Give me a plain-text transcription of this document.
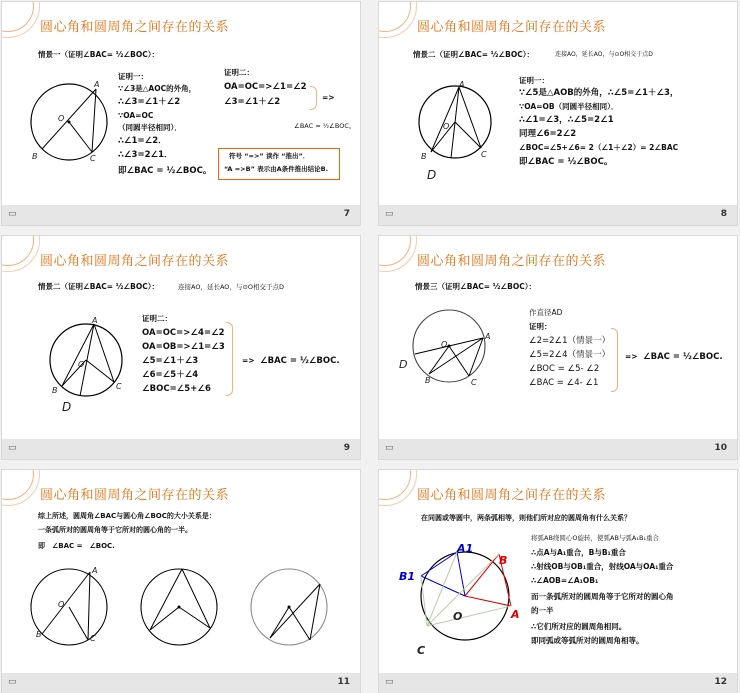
圆心角和圆周角之间存在的关系
情景一（证明∠BAC= ½∠BOC）：
A
B	C
O
证明一：
∵∠3是△AOC的外角，
∴∠3=∠1＋∠2
∵OA=OC
（同圆半径相同）．
∴∠1=∠2．
∴∠3=2∠1．
即∠BAC = ½∠BOC。
证明二：
OA=OC=>∠1=∠2
∠3=∠1＋∠2	=>
∠BAC = ½∠BOC。
符号 “=>” 读作 “推出”．
“A =>B” 表示由A条件推出结论B.
▭	7
圆心角和圆周角之间存在的关系
情景二（证明∠BAC= ½∠BOC）：	连接AO，延长AO，与⊙O相交于点D
A
B	C
O
D
证明一：
∵∠5是△AOB的外角，∴∠5=∠1＋∠3，
∵OA=OB（同圆半径相同）．
∴∠1=∠3，∴∠5=2∠1
同理∠6=2∠2
∠BOC=∠5+∠6= 2（∠1＋∠2）= 2∠BAC
即∠BAC = ½∠BOC。
▭	8
圆心角和圆周角之间存在的关系
情景二（证明∠BAC= ½∠BOC）：	连接AO，延长AO，与⊙O相交于点D
A
B	C
O
D
证明二：
OA=OC=>∠4=∠2
OA=OB=>∠1=∠3
∠5=∠1＋∠3
∠6=∠5＋∠4
∠BOC=∠5+∠6
=> ∠BAC = ½∠BOC.
▭	9
圆心角和圆周角之间存在的关系
情景三（证明∠BAC= ½∠BOC）：
A
B	C
O
D
作直径AD
证明：
∠2=2∠1（情景一）
∠5=2∠4（情景一）
∠BOC = ∠5- ∠2
∠BAC = ∠4- ∠1
=> ∠BAC = ½∠BOC.
▭	10
圆心角和圆周角之间存在的关系
综上所述，圆周角∠BAC与圆心角∠BOC的大小关系是：
一条弧所对的圆周角等于它所对的圆心角的一半。
即　∠BAC =　∠BOC.
A
B	C
O
▭	11
圆心角和圆周角之间存在的关系
在同圆或等圆中，两条弧相等，则他们所对应的圆周角有什么关系？
A1
B1
B
A
O
C
将弧AB绕圆心O旋转，使弧AB与弧A₁B₁重合
∴点A与A₁重合，B与B₁重合
∴射线OB与OB₁重合，射线OA与OA₁重合
∴∠AOB=∠A₁OB₁
而一条弧所对的圆周角等于它所对的圆心角
的一半
∴它们所对应的圆周角相同。
即同弧或等弧所对的圆周角相等。
▭	12
